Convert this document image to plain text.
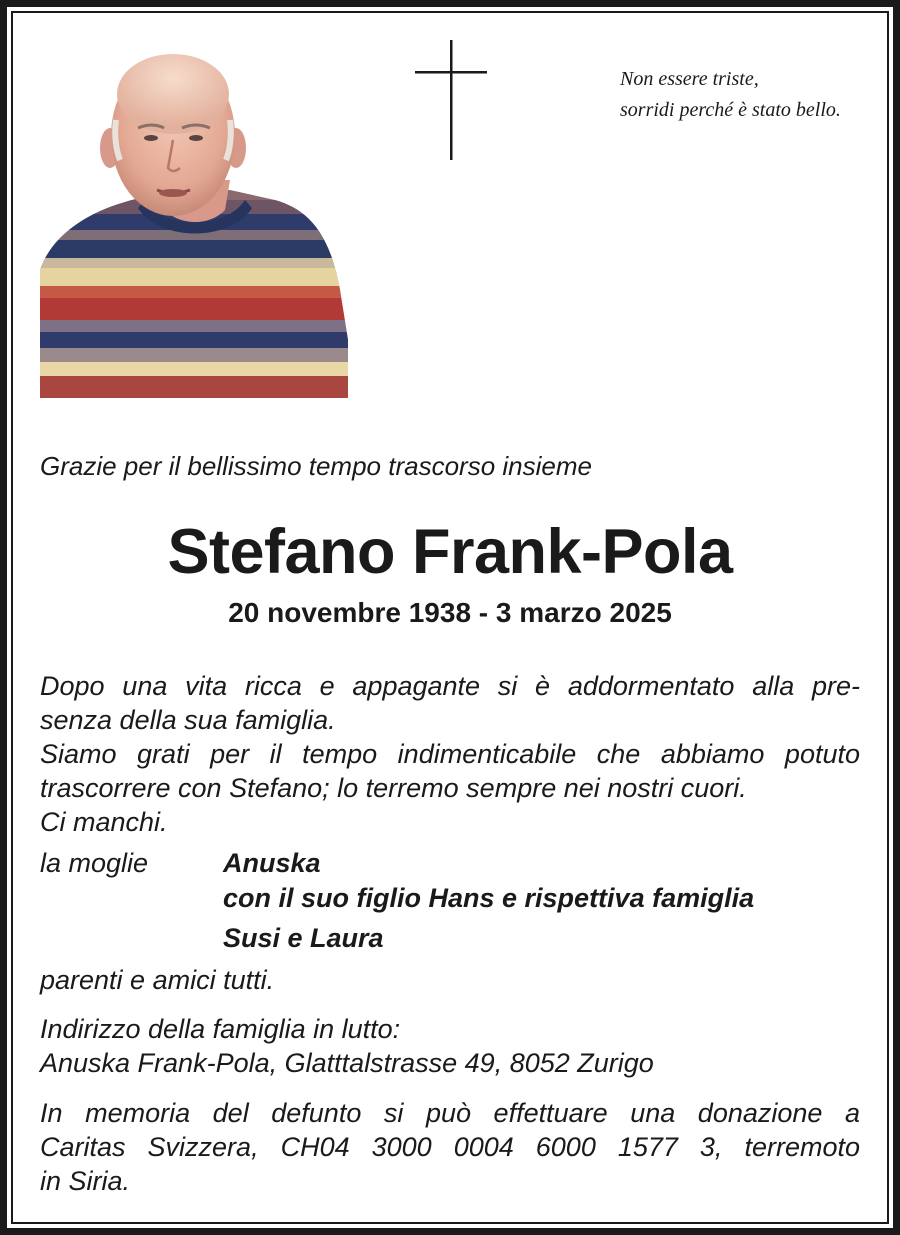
Non essere triste,
sorridi perché è stato bello.
Grazie per il bellissimo tempo trascorso insieme
Stefano Frank-Pola
20 novembre 1938 - 3 marzo 2025
Dopo una vita ricca e appagante si è addormentato alla pre-
senza della sua famiglia.
Siamo grati per il tempo indimenticabile che abbiamo potuto
trascorrere con Stefano; lo terremo sempre nei nostri cuori.
Ci manchi.
la moglie	Anuska
con il suo figlio Hans e rispettiva famiglia
Susi e Laura
parenti e amici tutti.
Indirizzo della famiglia in lutto:
Anuska Frank-Pola, Glatttalstrasse 49, 8052 Zurigo
In memoria del defunto si può effettuare una donazione a
Caritas Svizzera, CH04 3000 0004 6000 1577 3, terremoto
in Siria.
